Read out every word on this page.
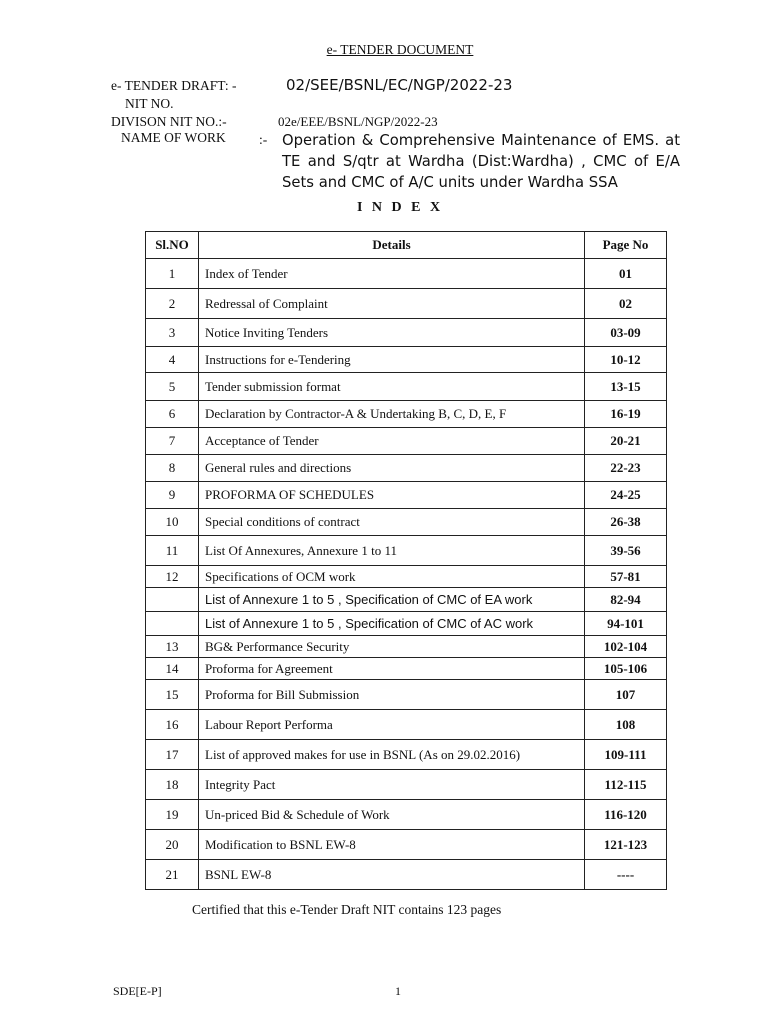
e- TENDER DOCUMENT
e- TENDER DRAFT: -
NIT NO.
02/SEE/BSNL/EC/NGP/2022-23
DIVISON NIT NO.:-	02e/EEE/BSNL/NGP/2022-23
NAME OF WORK :- Operation & Comprehensive Maintenance of EMS. at TE and S/qtr at Wardha (Dist:Wardha) , CMC of E/A Sets and CMC of A/C units under Wardha SSA
I N D E X
Sl.NO	Details	Page No
1	Index of Tender	01
2	Redressal of Complaint	02
3	Notice Inviting Tenders	03-09
4	Instructions for e-Tendering	10-12
5	Tender submission format	13-15
6	Declaration by Contractor-A & Undertaking B, C, D, E, F	16-19
7	Acceptance of Tender	20-21
8	General rules and directions	22-23
9	PROFORMA OF SCHEDULES	24-25
10	Special conditions of contract	26-38
11	List Of Annexures, Annexure 1 to 11	39-56
12	Specifications of OCM work	57-81
	List of Annexure 1 to 5 , Specification of CMC of EA work	82-94
	List of Annexure 1 to 5 , Specification of CMC of AC work	94-101
13	BG& Performance Security	102-104
14	Proforma for Agreement	105-106
15	Proforma for Bill Submission	107
16	Labour Report Performa	108
17	List of approved makes for use in BSNL (As on 29.02.2016)	109-111
18	Integrity Pact	112-115
19	Un-priced Bid & Schedule of Work	116-120
20	Modification to BSNL EW-8	121-123
21	BSNL EW-8	----
Certified that this e-Tender Draft NIT contains 123 pages
SDE[E-P]	1
